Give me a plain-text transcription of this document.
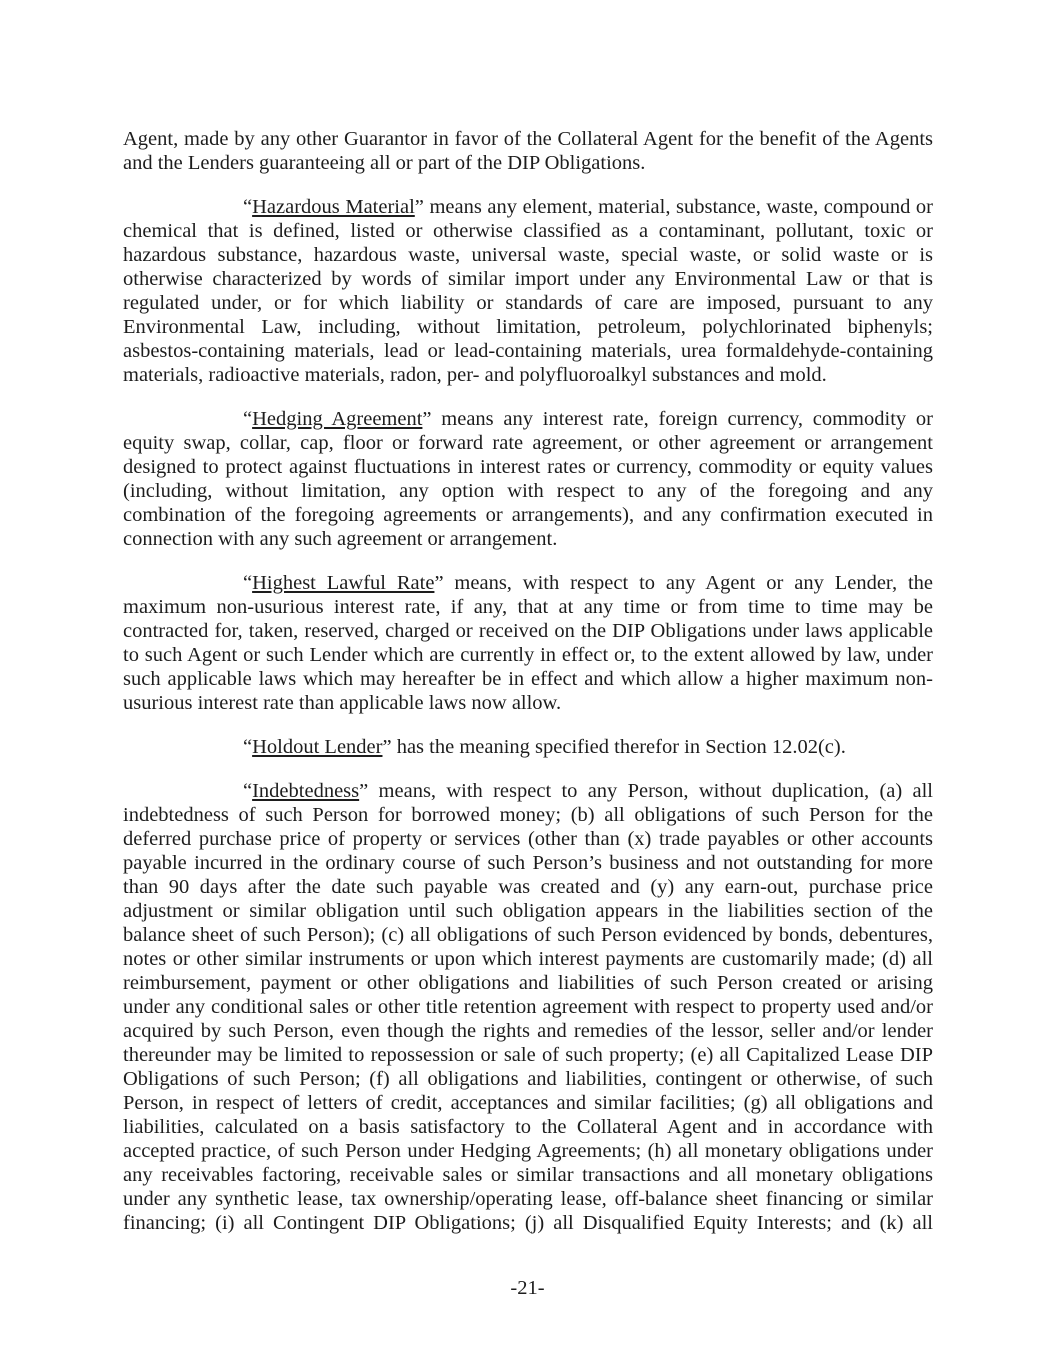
Agent, made by any other Guarantor in favor of the Collateral Agent for the benefit of the Agents and the Lenders guaranteeing all or part of the DIP Obligations.

“Hazardous Material” means any element, material, substance, waste, compound or chemical that is defined, listed or otherwise classified as a contaminant, pollutant, toxic or hazardous substance, hazardous waste, universal waste, special waste, or solid waste or is otherwise characterized by words of similar import under any Environmental Law or that is regulated under, or for which liability or standards of care are imposed, pursuant to any Environmental Law, including, without limitation, petroleum, polychlorinated biphenyls; asbestos-containing materials, lead or lead-containing materials, urea formaldehyde-containing materials, radioactive materials, radon, per- and polyfluoroalkyl substances and mold.

“Hedging Agreement” means any interest rate, foreign currency, commodity or equity swap, collar, cap, floor or forward rate agreement, or other agreement or arrangement designed to protect against fluctuations in interest rates or currency, commodity or equity values (including, without limitation, any option with respect to any of the foregoing and any combination of the foregoing agreements or arrangements), and any confirmation executed in connection with any such agreement or arrangement.

“Highest Lawful Rate” means, with respect to any Agent or any Lender, the maximum non-usurious interest rate, if any, that at any time or from time to time may be contracted for, taken, reserved, charged or received on the DIP Obligations under laws applicable to such Agent or such Lender which are currently in effect or, to the extent allowed by law, under such applicable laws which may hereafter be in effect and which allow a higher maximum non-usurious interest rate than applicable laws now allow.

“Holdout Lender” has the meaning specified therefor in Section 12.02(c).

“Indebtedness” means, with respect to any Person, without duplication, (a) all indebtedness of such Person for borrowed money; (b) all obligations of such Person for the deferred purchase price of property or services (other than (x) trade payables or other accounts payable incurred in the ordinary course of such Person’s business and not outstanding for more than 90 days after the date such payable was created and (y) any earn-out, purchase price adjustment or similar obligation until such obligation appears in the liabilities section of the balance sheet of such Person); (c) all obligations of such Person evidenced by bonds, debentures, notes or other similar instruments or upon which interest payments are customarily made; (d) all reimbursement, payment or other obligations and liabilities of such Person created or arising under any conditional sales or other title retention agreement with respect to property used and/or acquired by such Person, even though the rights and remedies of the lessor, seller and/or lender thereunder may be limited to repossession or sale of such property; (e) all Capitalized Lease DIP Obligations of such Person; (f) all obligations and liabilities, contingent or otherwise, of such Person, in respect of letters of credit, acceptances and similar facilities; (g) all obligations and liabilities, calculated on a basis satisfactory to the Collateral Agent and in accordance with accepted practice, of such Person under Hedging Agreements; (h) all monetary obligations under any receivables factoring, receivable sales or similar transactions and all monetary obligations under any synthetic lease, tax ownership/operating lease, off-balance sheet financing or similar financing; (i) all Contingent DIP Obligations; (j) all Disqualified Equity Interests; and (k) all

-21-
